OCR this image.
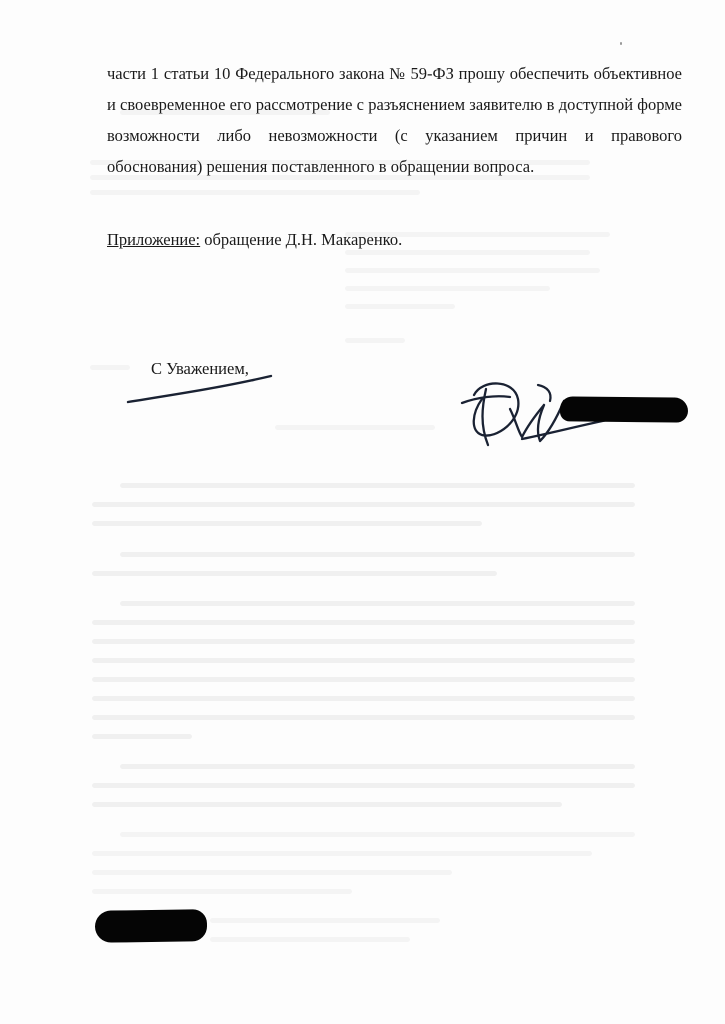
части 1 статьи 10 Федерального закона № 59-ФЗ прошу обеспечить объективное и своевременное его рассмотрение с разъяснением заявителю в доступной форме возможности либо невозможности (с указанием причин и правового обоснования) решения поставленного в обращении вопроса.

Приложение: обращение Д.Н. Макаренко.

С Уважением,
